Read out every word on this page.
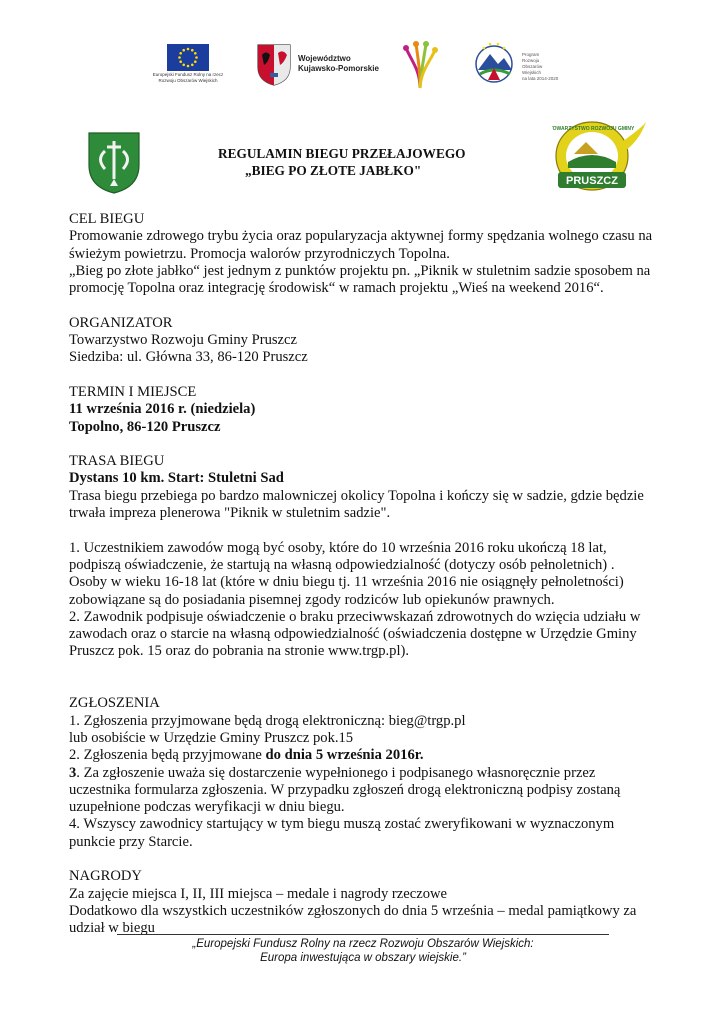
Europejski Fundusz Rolny na rzecz Rozwoju Obszarów Wiejskich
Województwo
Kujawsko-Pomorskie
Program
Rozwoju
Obszarów
Wiejskich
na lata 2014-2020
PRUSZCZ
TOWARZYSTWO ROZWOJU GMINY
REGULAMIN BIEGU PRZEŁAJOWEGO
„BIEG PO ZŁOTE JABŁKO"

CEL BIEGU

Promowanie zdrowego trybu życia oraz popularyzacja aktywnej formy spędzania wolnego czasu na

świeżym powietrzu. Promocja walorów przyrodniczych Topolna.

„Bieg po złote jabłko“ jest jednym z punktów projektu pn. „Piknik w stuletnim sadzie sposobem na

promocję Topolna oraz integrację środowisk“ w ramach projektu „Wieś na weekend 2016“.

ORGANIZATOR

Towarzystwo Rozwoju Gminy Pruszcz

Siedziba: ul. Główna 33, 86-120 Pruszcz

TERMIN I MIEJSCE

11 września 2016 r. (niedziela)

Topolno, 86-120 Pruszcz

TRASA BIEGU

Dystans 10 km. Start: Stuletni Sad

Trasa biegu przebiega po bardzo malowniczej okolicy Topolna i kończy się w sadzie, gdzie będzie

trwała impreza plenerowa "Piknik w stuletnim sadzie".

1. Uczestnikiem zawodów mogą być osoby, które do 10 września 2016 roku ukończą 18 lat,

podpiszą oświadczenie, że startują na własną odpowiedzialność (dotyczy osób pełnoletnich) .

Osoby w wieku 16-18 lat (które w dniu biegu tj. 11 września 2016 nie osiągnęły pełnoletności)

zobowiązane są do posiadania pisemnej zgody rodziców lub opiekunów prawnych.

2. Zawodnik podpisuje oświadczenie o braku przeciwwskazań zdrowotnych do wzięcia udziału w

zawodach oraz o starcie na własną odpowiedzialność (oświadczenia dostępne w Urzędzie Gminy

Pruszcz pok. 15 oraz do pobrania na stronie www.trgp.pl).

ZGŁOSZENIA

1. Zgłoszenia przyjmowane będą drogą elektroniczną: bieg@trgp.pl

lub osobiście w Urzędzie Gminy Pruszcz pok.15

2. Zgłoszenia będą przyjmowane do dnia 5 września 2016r.

3. Za zgłoszenie uważa się dostarczenie wypełnionego i podpisanego własnoręcznie przez

uczestnika formularza zgłoszenia. W przypadku zgłoszeń drogą elektroniczną podpisy zostaną

uzupełnione podczas weryfikacji w dniu biegu.

4. Wszyscy zawodnicy startujący w tym biegu muszą zostać zweryfikowani w wyznaczonym

punkcie przy Starcie.

NAGRODY

Za zajęcie miejsca I, II, III miejsca – medale i nagrody rzeczowe

Dodatkowo dla wszystkich uczestników zgłoszonych do dnia 5 września – medal pamiątkowy za

udział w biegu

„Europejski Fundusz Rolny na rzecz Rozwoju Obszarów Wiejskich:
Europa inwestująca w obszary wiejskie.”
